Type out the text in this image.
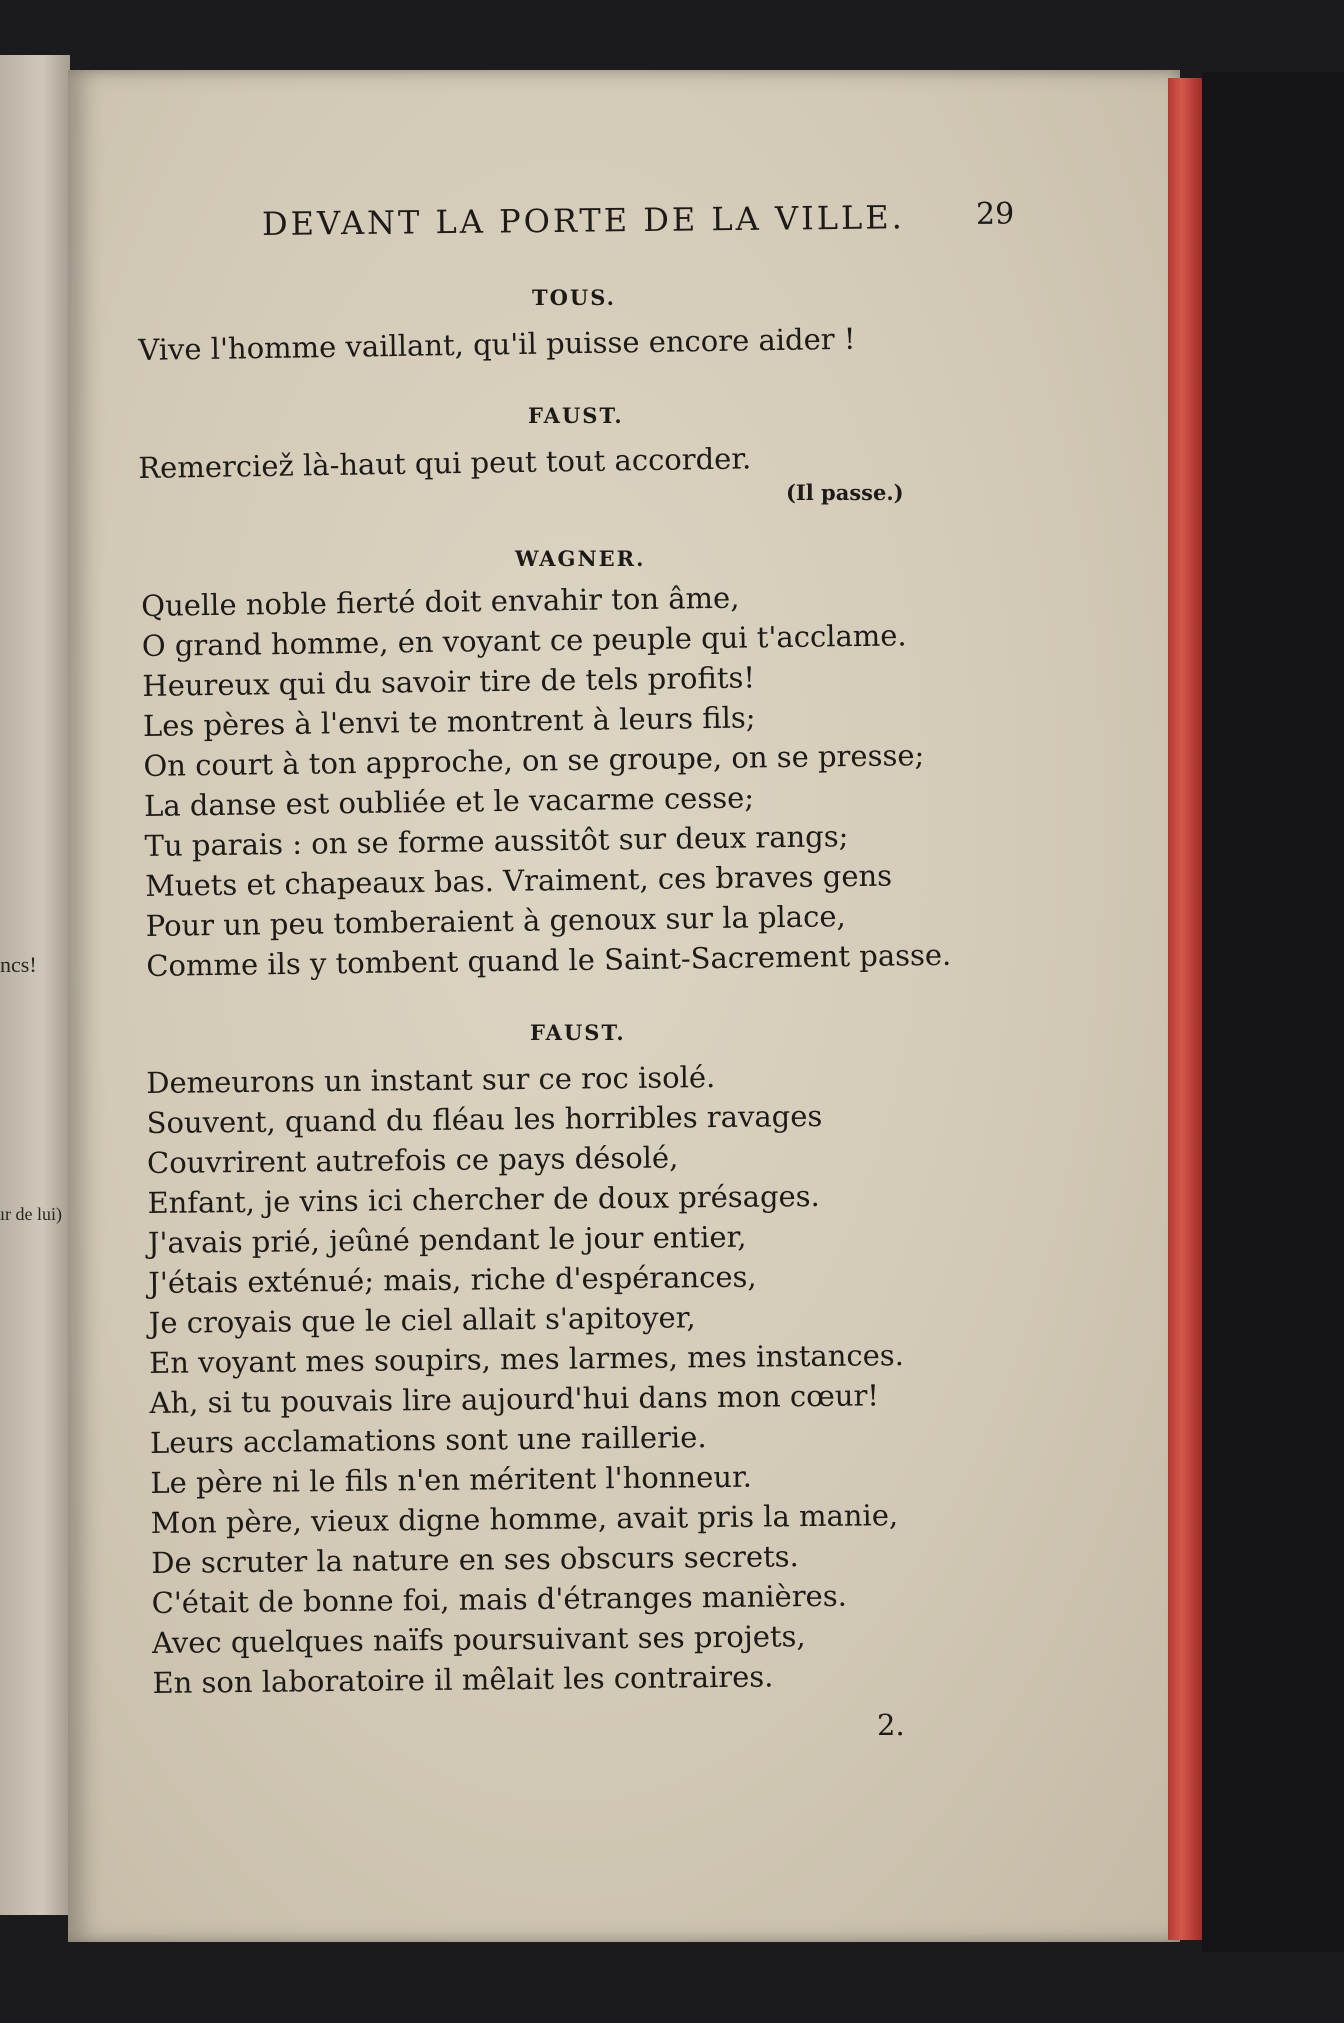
ncs!
ır de lui)
DEVANT LA PORTE DE LA VILLE. 29
TOUS.
Vive l'homme vaillant, qu'il puisse encore aider !
FAUST.
Remerciež là-haut qui peut tout accorder.
(Il passe.)
WAGNER.
Quelle noble fierté doit envahir ton âme,
O grand homme, en voyant ce peuple qui t'acclame.
Heureux qui du savoir tire de tels profits!
Les pères à l'envi te montrent à leurs fils;
On court à ton approche, on se groupe, on se presse;
La danse est oubliée et le vacarme cesse;
Tu parais : on se forme aussitôt sur deux rangs;
Muets et chapeaux bas. Vraiment, ces braves gens
Pour un peu tomberaient à genoux sur la place,
Comme ils y tombent quand le Saint-Sacrement passe.
FAUST.
Demeurons un instant sur ce roc isolé.
Souvent, quand du fléau les horribles ravages
Couvrirent autrefois ce pays désolé,
Enfant, je vins ici chercher de doux présages.
J'avais prié, jeûné pendant le jour entier,
J'étais exténué; mais, riche d'espérances,
Je croyais que le ciel allait s'apitoyer,
En voyant mes soupirs, mes larmes, mes instances.
Ah, si tu pouvais lire aujourd'hui dans mon cœur!
Leurs acclamations sont une raillerie.
Le père ni le fils n'en méritent l'honneur.
Mon père, vieux digne homme, avait pris la manie,
De scruter la nature en ses obscurs secrets.
C'était de bonne foi, mais d'étranges manières.
Avec quelques naïfs poursuivant ses projets,
En son laboratoire il mêlait les contraires.
2.
